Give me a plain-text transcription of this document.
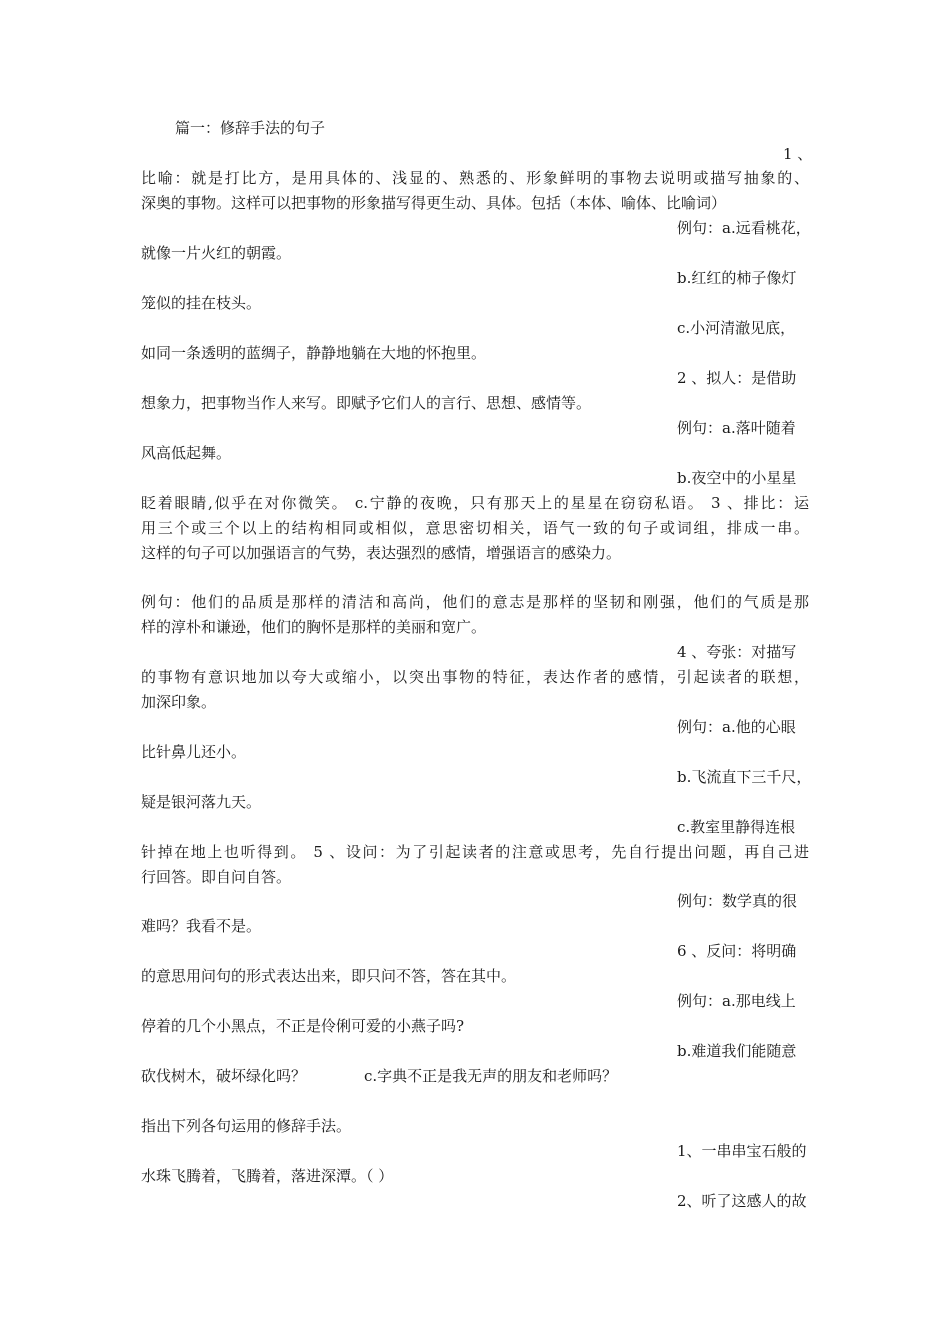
篇一：修辞手法的句子
1 、
比喻：就是打比方，是用具体的、浅显的、熟悉的、形象鲜明的事物去说明或描写抽象的、
深奥的事物。这样可以把事物的形象描写得更生动、具体。包括（本体、喻体、比喻词）
例句：a.远看桃花，
就像一片火红的朝霞。
b.红红的柿子像灯
笼似的挂在枝头。
c.小河清澈见底，
如同一条透明的蓝绸子，静静地躺在大地的怀抱里。
2 、拟人：是借助
想象力，把事物当作人来写。即赋予它们人的言行、思想、感情等。
例句：a.落叶随着
风高低起舞。
b.夜空中的小星星
眨着眼睛,似乎在对你微笑。 c.宁静的夜晚，只有那天上的星星在窃窃私语。 3 、排比：运
用三个或三个以上的结构相同或相似，意思密切相关，语气一致的句子或词组，排成一串。
这样的句子可以加强语言的气势，表达强烈的感情，增强语言的感染力。
例句：他们的品质是那样的清洁和高尚，他们的意志是那样的坚韧和刚强，他们的气质是那
样的淳朴和谦逊，他们的胸怀是那样的美丽和宽广。
4 、夸张：对描写
的事物有意识地加以夸大或缩小，以突出事物的特征，表达作者的感情，引起读者的联想，
加深印象。
例句：a.他的心眼
比针鼻儿还小。
b.飞流直下三千尺，
疑是银河落九天。
c.教室里静得连根
针掉在地上也听得到。 5 、设问：为了引起读者的注意或思考，先自行提出问题，再自己进
行回答。即自问自答。
例句：数学真的很
难吗？我看不是。
6 、反问：将明确
的意思用问句的形式表达出来，即只问不答，答在其中。
例句：a.那电线上
停着的几个小黑点，不正是伶俐可爱的小燕子吗?
b.难道我们能随意
砍伐树木，破坏绿化吗？	c.字典不正是我无声的朋友和老师吗？
指出下列各句运用的修辞手法。
1、一串串宝石般的
水珠飞腾着，飞腾着，落进深潭。（ ）
2、听了这感人的故
